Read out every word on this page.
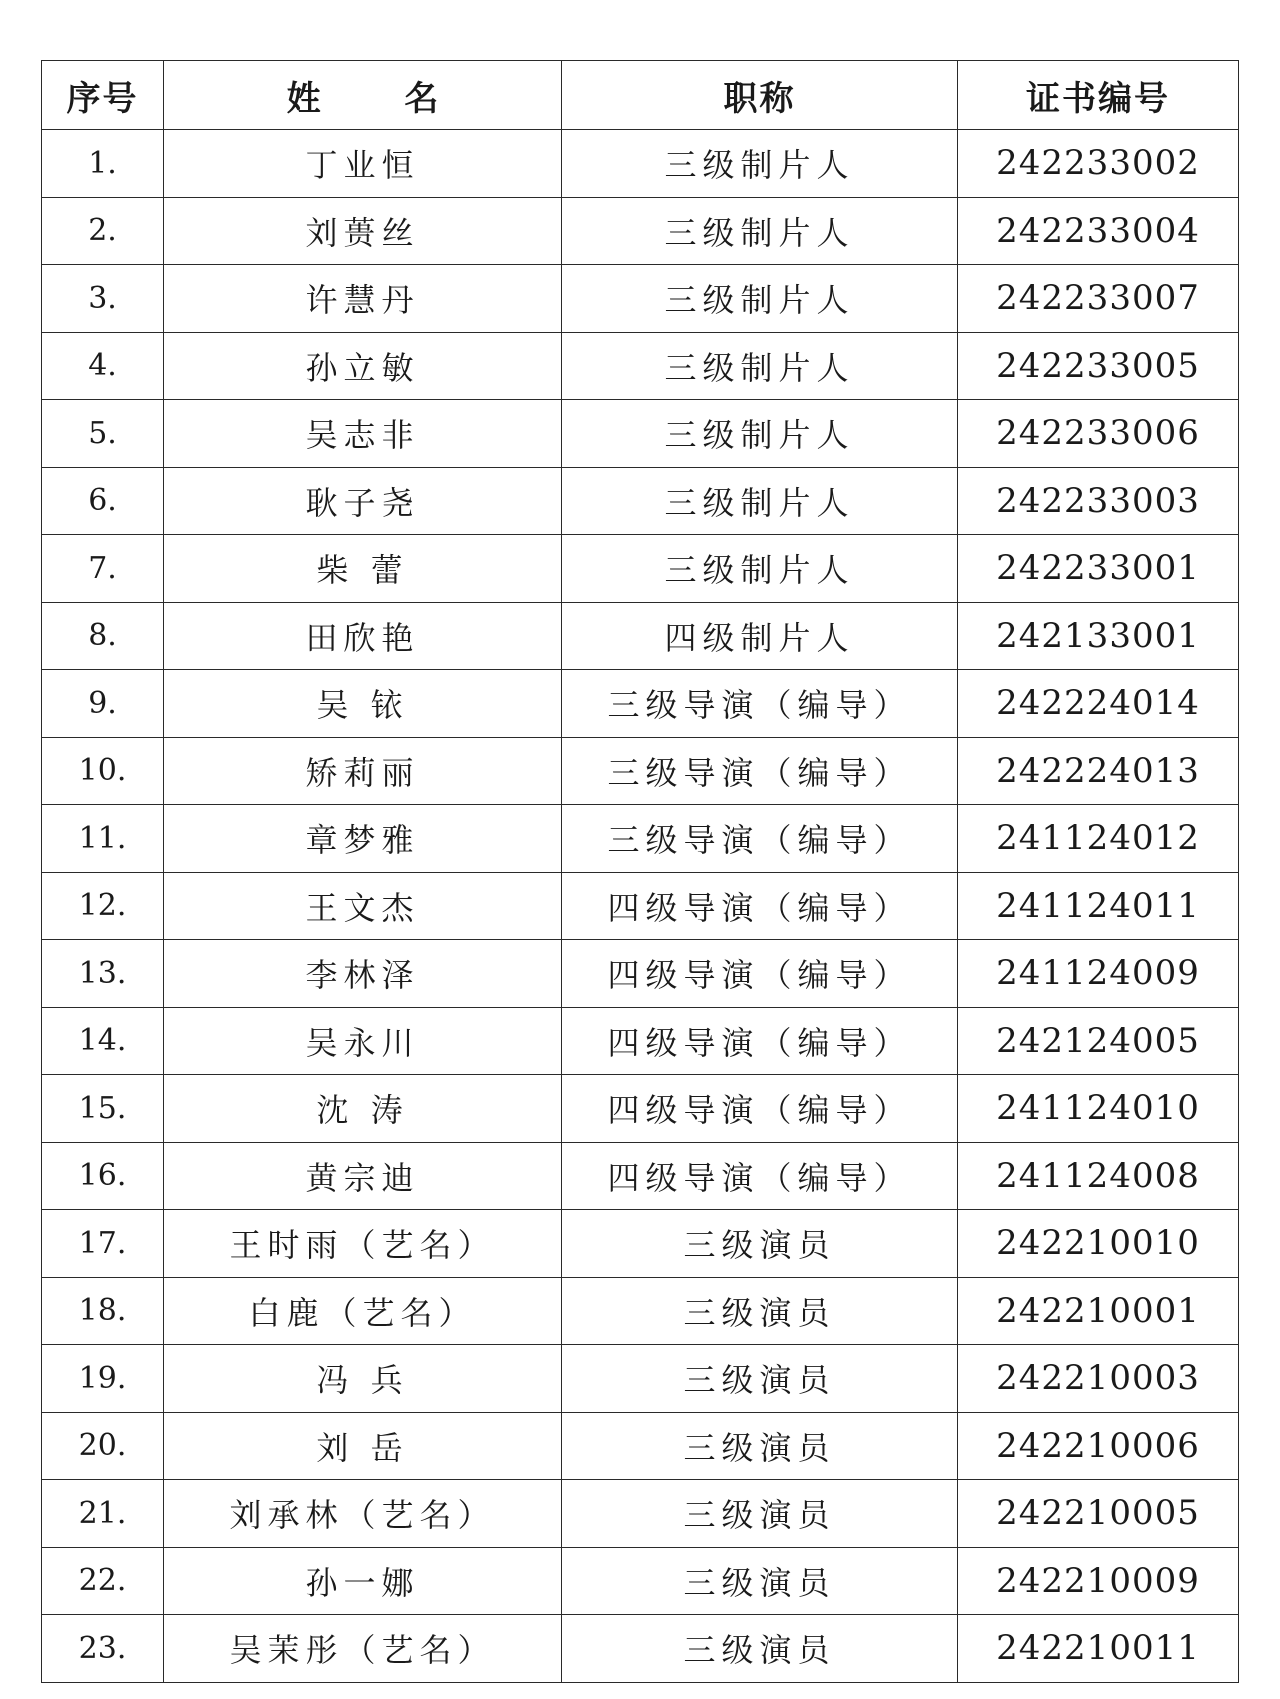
序号	姓 名	职称	证书编号
1.	丁业恒	三级制片人	242233002
2.	刘蒉丝	三级制片人	242233004
3.	许慧丹	三级制片人	242233007
4.	孙立敏	三级制片人	242233005
5.	吴志非	三级制片人	242233006
6.	耿子尧	三级制片人	242233003
7.	柴 蕾	三级制片人	242233001
8.	田欣艳	四级制片人	242133001
9.	吴 铱	三级导演（编导）	242224014
10.	矫莉丽	三级导演（编导）	242224013
11.	章梦雅	三级导演（编导）	241124012
12.	王文杰	四级导演（编导）	241124011
13.	李林泽	四级导演（编导）	241124009
14.	吴永川	四级导演（编导）	242124005
15.	沈 涛	四级导演（编导）	241124010
16.	黄宗迪	四级导演（编导）	241124008
17.	王时雨（艺名）	三级演员	242210010
18.	白鹿（艺名）	三级演员	242210001
19.	冯 兵	三级演员	242210003
20.	刘 岳	三级演员	242210006
21.	刘承林（艺名）	三级演员	242210005
22.	孙一娜	三级演员	242210009
23.	吴茉彤（艺名）	三级演员	242210011
